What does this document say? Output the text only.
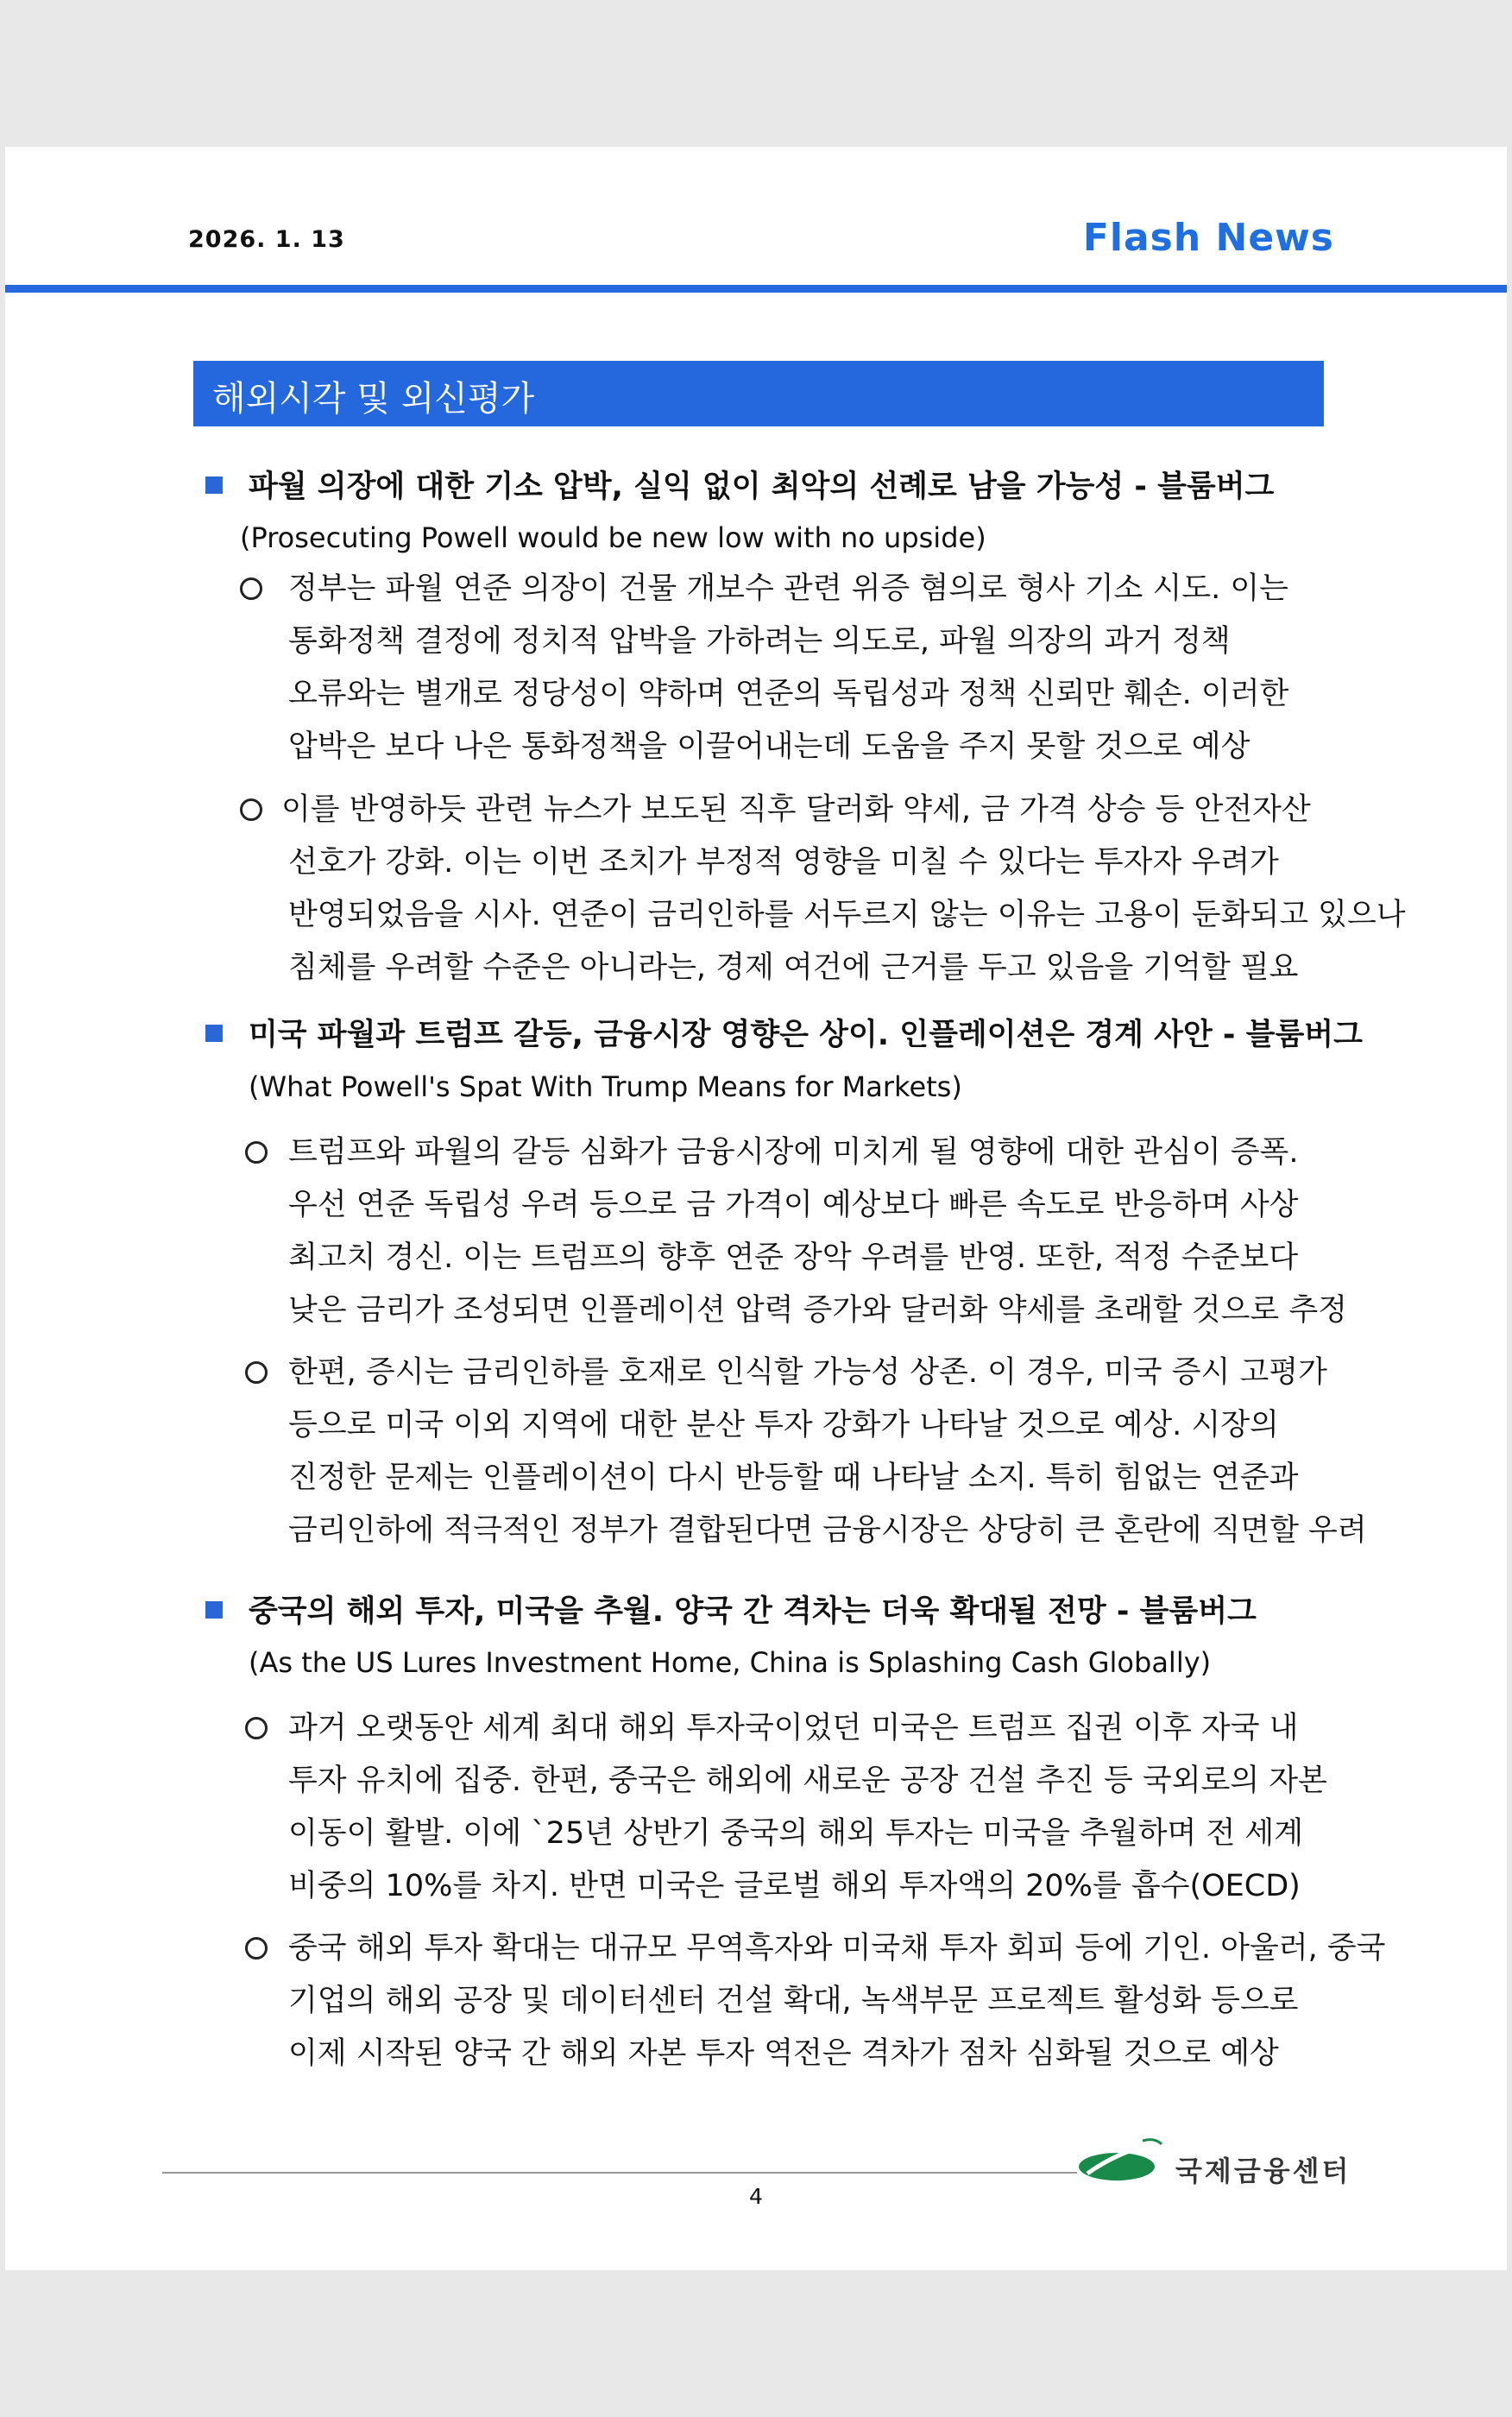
2026. 1. 13	Flash News
해외시각 및 외신평가
파월 의장에 대한 기소 압박, 실익 없이 최악의 선례로 남을 가능성 - 블룸버그
(Prosecuting Powell would be new low with no upside)
정부는 파월 연준 의장이 건물 개보수 관련 위증 혐의로 형사 기소 시도. 이는
통화정책 결정에 정치적 압박을 가하려는 의도로, 파월 의장의 과거 정책
오류와는 별개로 정당성이 약하며 연준의 독립성과 정책 신뢰만 훼손. 이러한
압박은 보다 나은 통화정책을 이끌어내는데 도움을 주지 못할 것으로 예상
이를 반영하듯 관련 뉴스가 보도된 직후 달러화 약세, 금 가격 상승 등 안전자산
선호가 강화. 이는 이번 조치가 부정적 영향을 미칠 수 있다는 투자자 우려가
반영되었음을 시사. 연준이 금리인하를 서두르지 않는 이유는 고용이 둔화되고 있으나
침체를 우려할 수준은 아니라는, 경제 여건에 근거를 두고 있음을 기억할 필요
미국 파월과 트럼프 갈등, 금융시장 영향은 상이. 인플레이션은 경계 사안 - 블룸버그
(What Powell's Spat With Trump Means for Markets)
트럼프와 파월의 갈등 심화가 금융시장에 미치게 될 영향에 대한 관심이 증폭.
우선 연준 독립성 우려 등으로 금 가격이 예상보다 빠른 속도로 반응하며 사상
최고치 경신. 이는 트럼프의 향후 연준 장악 우려를 반영. 또한, 적정 수준보다
낮은 금리가 조성되면 인플레이션 압력 증가와 달러화 약세를 초래할 것으로 추정
한편, 증시는 금리인하를 호재로 인식할 가능성 상존. 이 경우, 미국 증시 고평가
등으로 미국 이외 지역에 대한 분산 투자 강화가 나타날 것으로 예상. 시장의
진정한 문제는 인플레이션이 다시 반등할 때 나타날 소지. 특히 힘없는 연준과
금리인하에 적극적인 정부가 결합된다면 금융시장은 상당히 큰 혼란에 직면할 우려
중국의 해외 투자, 미국을 추월. 양국 간 격차는 더욱 확대될 전망 - 블룸버그
(As the US Lures Investment Home, China is Splashing Cash Globally)
과거 오랫동안 세계 최대 해외 투자국이었던 미국은 트럼프 집권 이후 자국 내
투자 유치에 집중. 한편, 중국은 해외에 새로운 공장 건설 추진 등 국외로의 자본
이동이 활발. 이에 `25년 상반기 중국의 해외 투자는 미국을 추월하며 전 세계
비중의 10%를 차지. 반면 미국은 글로벌 해외 투자액의 20%를 흡수(OECD)
중국 해외 투자 확대는 대규모 무역흑자와 미국채 투자 회피 등에 기인. 아울러, 중국
기업의 해외 공장 및 데이터센터 건설 확대, 녹색부문 프로젝트 활성화 등으로
이제 시작된 양국 간 해외 자본 투자 역전은 격차가 점차 심화될 것으로 예상
국제금융센터
4
